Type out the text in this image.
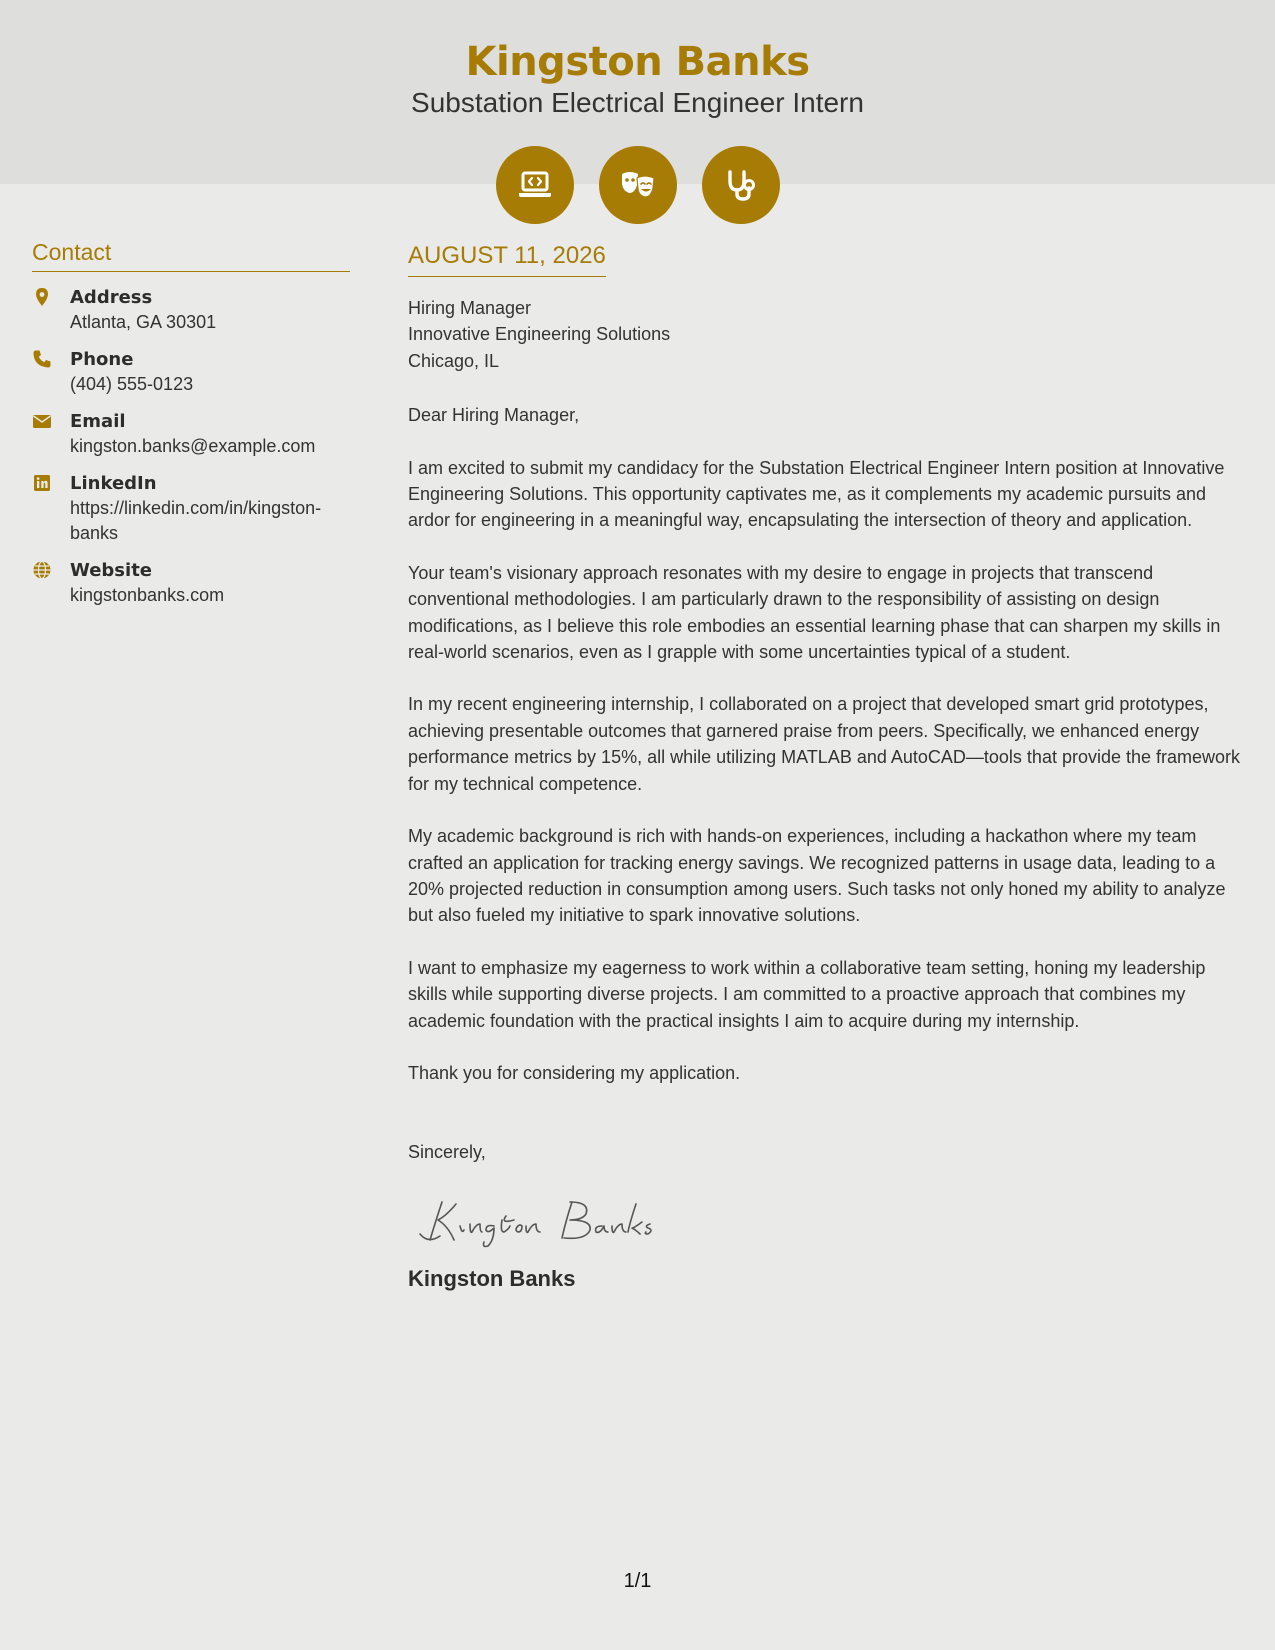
Kingston Banks
Substation Electrical Engineer Intern
Contact
Address
Atlanta, GA 30301
Phone
(404) 555-0123
Email
kingston.banks@example.com
LinkedIn
https://linkedin.com/in/kingston-banks
Website
kingstonbanks.com
AUGUST 11, 2026
Hiring Manager
Innovative Engineering Solutions
Chicago, IL
Dear Hiring Manager,
I am excited to submit my candidacy for the Substation Electrical Engineer Intern position at Innovative Engineering Solutions. This opportunity captivates me, as it complements my academic pursuits and ardor for engineering in a meaningful way, encapsulating the intersection of theory and application.
Your team's visionary approach resonates with my desire to engage in projects that transcend conventional methodologies. I am particularly drawn to the responsibility of assisting on design modifications, as I believe this role embodies an essential learning phase that can sharpen my skills in real-world scenarios, even as I grapple with some uncertainties typical of a student.
In my recent engineering internship, I collaborated on a project that developed smart grid prototypes, achieving presentable outcomes that garnered praise from peers. Specifically, we enhanced energy performance metrics by 15%, all while utilizing MATLAB and AutoCAD—tools that provide the framework for my technical competence.
My academic background is rich with hands-on experiences, including a hackathon where my team crafted an application for tracking energy savings. We recognized patterns in usage data, leading to a 20% projected reduction in consumption among users. Such tasks not only honed my ability to analyze but also fueled my initiative to spark innovative solutions.
I want to emphasize my eagerness to work within a collaborative team setting, honing my leadership skills while supporting diverse projects. I am committed to a proactive approach that combines my academic foundation with the practical insights I aim to acquire during my internship.
Thank you for considering my application.
Sincerely,
Kingston Banks
1/1
